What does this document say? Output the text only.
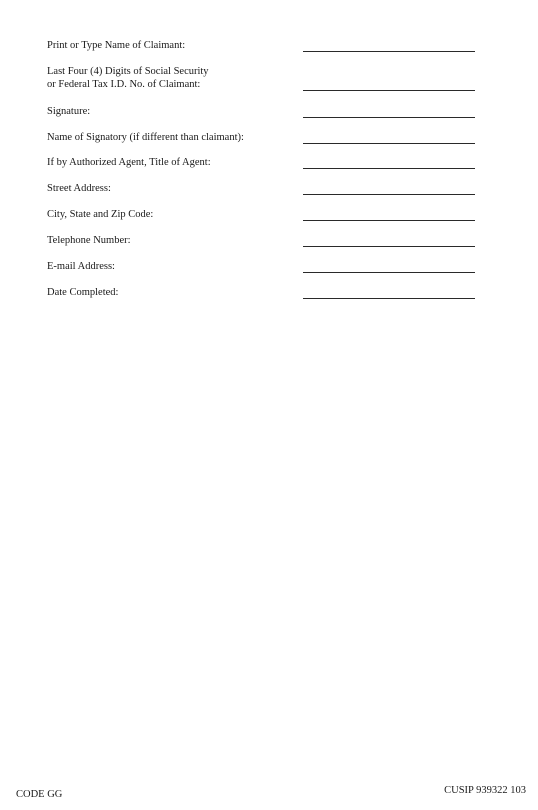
Print or Type Name of Claimant:
Last Four (4) Digits of Social Security
or Federal Tax I.D. No. of Claimant:
Signature:
Name of Signatory (if different than claimant):
If by Authorized Agent, Title of Agent:
Street Address:
City, State and Zip Code:
Telephone Number:
E-mail Address:
Date Completed:
CODE GG	CUSIP 939322 103
